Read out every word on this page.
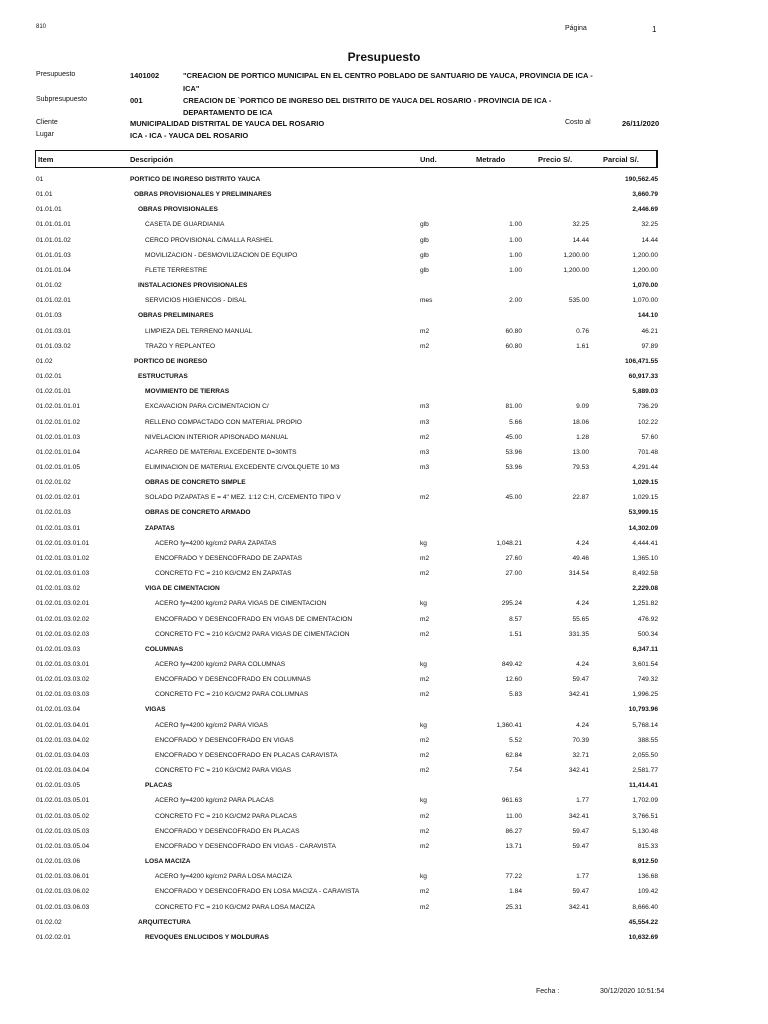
810	Página	1
Presupuesto
Presupuesto	1401002	"CREACION DE PORTICO MUNICIPAL EN EL CENTRO POBLADO DE SANTUARIO DE YAUCA, PROVINCIA DE ICA -
ICA"
Subpresupuesto	001	CREACION DE `PORTICO DE INGRESO DEL DISTRITO DE YAUCA DEL ROSARIO - PROVINCIA DE ICA -
DEPARTAMENTO DE ICA
Cliente	MUNICIPALIDAD DISTRITAL DE YAUCA DEL ROSARIO	Costo al	26/11/2020
Lugar	ICA - ICA - YAUCA DEL ROSARIO
Item	Descripción	Und.	Metrado	Precio S/.	Parcial S/.
01	PORTICO DE INGRESO DISTRITO YAUCA	190,562.45
01.01	OBRAS PROVISIONALES Y PRELIMINARES	3,660.79
01.01.01	OBRAS PROVISIONALES	2,446.69
01.01.01.01	CASETA DE GUARDIANIA	glb	1.00	32.25	32.25
01.01.01.02	CERCO PROVISIONAL C/MALLA RASHEL	glb	1.00	14.44	14.44
01.01.01.03	MOVILIZACION - DESMOVILIZACION DE EQUIPO	glb	1.00	1,200.00	1,200.00
01.01.01.04	FLETE TERRESTRE	glb	1.00	1,200.00	1,200.00
01.01.02	INSTALACIONES PROVISIONALES	1,070.00
01.01.02.01	SERVICIOS HIGIENICOS - DISAL	mes	2.00	535.00	1,070.00
01.01.03	OBRAS PRELIMINARES	144.10
01.01.03.01	LIMPIEZA DEL TERRENO MANUAL	m2	60.80	0.76	46.21
01.01.03.02	TRAZO Y REPLANTEO	m2	60.80	1.61	97.89
01.02	PORTICO DE INGRESO	106,471.55
01.02.01	ESTRUCTURAS	60,917.33
01.02.01.01	MOVIMIENTO DE TIERRAS	5,889.03
01.02.01.01.01	EXCAVACION PARA C/CIMENTACION C/	m3	81.00	9.09	736.29
01.02.01.01.02	RELLENO COMPACTADO CON MATERIAL PROPIO	m3	5.66	18.06	102.22
01.02.01.01.03	NIVELACION INTERIOR APISONADO MANUAL	m2	45.00	1.28	57.60
01.02.01.01.04	ACARREO DE MATERIAL EXCEDENTE D=30MTS	m3	53.96	13.00	701.48
01.02.01.01.05	ELIMINACION DE MATERIAL EXCEDENTE C/VOLQUETE 10 M3	m3	53.96	79.53	4,291.44
01.02.01.02	OBRAS DE CONCRETO SIMPLE	1,029.15
01.02.01.02.01	SOLADO P/ZAPATAS E = 4" MEZ. 1:12 C:H, C/CEMENTO TIPO V	m2	45.00	22.87	1,029.15
01.02.01.03	OBRAS DE CONCRETO ARMADO	53,999.15
01.02.01.03.01	ZAPATAS	14,302.09
01.02.01.03.01.01	ACERO fy=4200 kg/cm2 PARA ZAPATAS	kg	1,048.21	4.24	4,444.41
01.02.01.03.01.02	ENCOFRADO Y DESENCOFRADO DE ZAPATAS	m2	27.60	49.46	1,365.10
01.02.01.03.01.03	CONCRETO F'C = 210 KG/CM2 EN ZAPATAS	m2	27.00	314.54	8,492.58
01.02.01.03.02	VIGA DE CIMENTACION	2,229.08
01.02.01.03.02.01	ACERO fy=4200 kg/cm2 PARA VIGAS DE CIMENTACION	kg	295.24	4.24	1,251.82
01.02.01.03.02.02	ENCOFRADO Y DESENCOFRADO EN VIGAS DE CIMENTACION	m2	8.57	55.65	476.92
01.02.01.03.02.03	CONCRETO F'C = 210 KG/CM2 PARA VIGAS DE CIMENTACION	m2	1.51	331.35	500.34
01.02.01.03.03	COLUMNAS	6,347.11
01.02.01.03.03.01	ACERO fy=4200 kg/cm2 PARA COLUMNAS	kg	849.42	4.24	3,601.54
01.02.01.03.03.02	ENCOFRADO Y DESENCOFRADO EN COLUMNAS	m2	12.60	59.47	749.32
01.02.01.03.03.03	CONCRETO F'C = 210 KG/CM2 PARA COLUMNAS	m2	5.83	342.41	1,996.25
01.02.01.03.04	VIGAS	10,793.96
01.02.01.03.04.01	ACERO fy=4200 kg/cm2 PARA VIGAS	kg	1,360.41	4.24	5,768.14
01.02.01.03.04.02	ENCOFRADO Y DESENCOFRADO EN VIGAS	m2	5.52	70.39	388.55
01.02.01.03.04.03	ENCOFRADO Y DESENCOFRADO EN PLACAS CARAVISTA	m2	62.84	32.71	2,055.50
01.02.01.03.04.04	CONCRETO F'C = 210 KG/CM2 PARA VIGAS	m2	7.54	342.41	2,581.77
01.02.01.03.05	PLACAS	11,414.41
01.02.01.03.05.01	ACERO fy=4200 kg/cm2 PARA PLACAS	kg	961.63	1.77	1,702.09
01.02.01.03.05.02	CONCRETO F'C = 210 KG/CM2 PARA PLACAS	m2	11.00	342.41	3,766.51
01.02.01.03.05.03	ENCOFRADO Y DESENCOFRADO EN PLACAS	m2	86.27	59.47	5,130.48
01.02.01.03.05.04	ENCOFRADO Y DESENCOFRADO EN VIGAS - CARAVISTA	m2	13.71	59.47	815.33
01.02.01.03.06	LOSA MACIZA	8,912.50
01.02.01.03.06.01	ACERO fy=4200 kg/cm2 PARA LOSA MACIZA	kg	77.22	1.77	136.68
01.02.01.03.06.02	ENCOFRADO Y DESENCOFRADO EN LOSA MACIZA - CARAVISTA	m2	1.84	59.47	109.42
01.02.01.03.06.03	CONCRETO F'C = 210 KG/CM2 PARA LOSA MACIZA	m2	25.31	342.41	8,666.40
01.02.02	ARQUITECTURA	45,554.22
01.02.02.01	REVOQUES ENLUCIDOS Y MOLDURAS	10,632.69
Fecha :	30/12/2020 10:51:54
